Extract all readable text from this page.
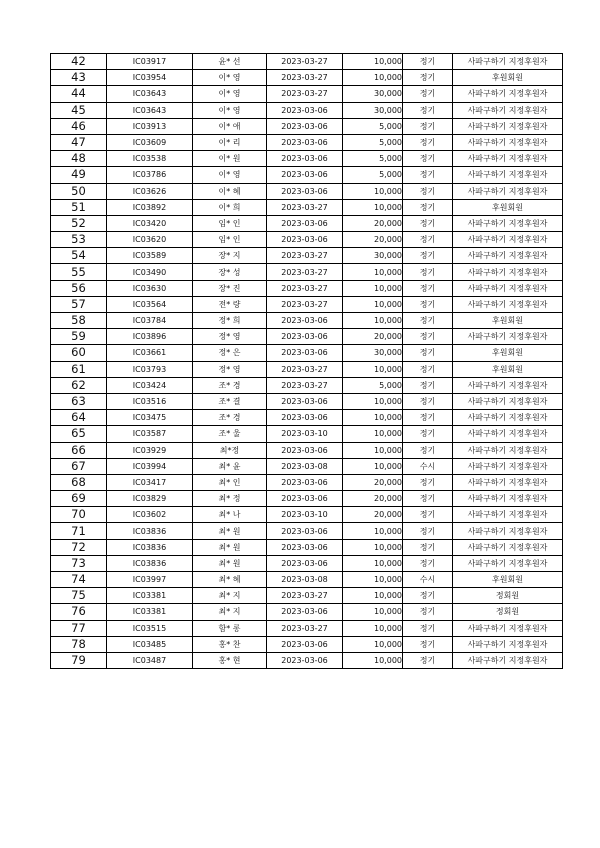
42	IC03917	윤* 선	2023-03-27	10,000	정기	사파구하기 지정후원자
43	IC03954	이* 영	2023-03-27	10,000	정기	후원회원
44	IC03643	이* 영	2023-03-27	30,000	정기	사파구하기 지정후원자
45	IC03643	이* 영	2023-03-06	30,000	정기	사파구하기 지정후원자
46	IC03913	이* 애	2023-03-06	5,000	정기	사파구하기 지정후원자
47	IC03609	이* 리	2023-03-06	5,000	정기	사파구하기 지정후원자
48	IC03538	이* 원	2023-03-06	5,000	정기	사파구하기 지정후원자
49	IC03786	이* 영	2023-03-06	5,000	정기	사파구하기 지정후원자
50	IC03626	이* 혜	2023-03-06	10,000	정기	사파구하기 지정후원자
51	IC03892	이* 희	2023-03-27	10,000	정기	후원회원
52	IC03420	임* 인	2023-03-06	20,000	정기	사파구하기 지정후원자
53	IC03620	임* 인	2023-03-06	20,000	정기	사파구하기 지정후원자
54	IC03589	장* 지	2023-03-27	30,000	정기	사파구하기 지정후원자
55	IC03490	장* 성	2023-03-27	10,000	정기	사파구하기 지정후원자
56	IC03630	장* 진	2023-03-27	10,000	정기	사파구하기 지정후원자
57	IC03564	전* 량	2023-03-27	10,000	정기	사파구하기 지정후원자
58	IC03784	정* 희	2023-03-06	10,000	정기	후원회원
59	IC03896	정* 영	2023-03-06	20,000	정기	사파구하기 지정후원자
60	IC03661	정* 은	2023-03-06	30,000	정기	후원회원
61	IC03793	정* 영	2023-03-27	10,000	정기	후원회원
62	IC03424	조* 경	2023-03-27	5,000	정기	사파구하기 지정후원자
63	IC03516	조* 결	2023-03-06	10,000	정기	사파구하기 지정후원자
64	IC03475	조* 경	2023-03-06	10,000	정기	사파구하기 지정후원자
65	IC03587	조* 울	2023-03-10	10,000	정기	사파구하기 지정후원자
66	IC03929	최*정	2023-03-06	10,000	정기	사파구하기 지정후원자
67	IC03994	최* 윤	2023-03-08	10,000	수시	사파구하기 지정후원자
68	IC03417	최* 인	2023-03-06	20,000	정기	사파구하기 지정후원자
69	IC03829	최* 정	2023-03-06	20,000	정기	사파구하기 지정후원자
70	IC03602	최* 나	2023-03-10	20,000	정기	사파구하기 지정후원자
71	IC03836	최* 원	2023-03-06	10,000	정기	사파구하기 지정후원자
72	IC03836	최* 원	2023-03-06	10,000	정기	사파구하기 지정후원자
73	IC03836	최* 원	2023-03-06	10,000	정기	사파구하기 지정후원자
74	IC03997	최* 혜	2023-03-08	10,000	수시	후원회원
75	IC03381	최* 지	2023-03-27	10,000	정기	정회원
76	IC03381	최* 지	2023-03-06	10,000	정기	정회원
77	IC03515	함* 롱	2023-03-27	10,000	정기	사파구하기 지정후원자
78	IC03485	홍* 찬	2023-03-06	10,000	정기	사파구하기 지정후원자
79	IC03487	홍* 현	2023-03-06	10,000	정기	사파구하기 지정후원자
